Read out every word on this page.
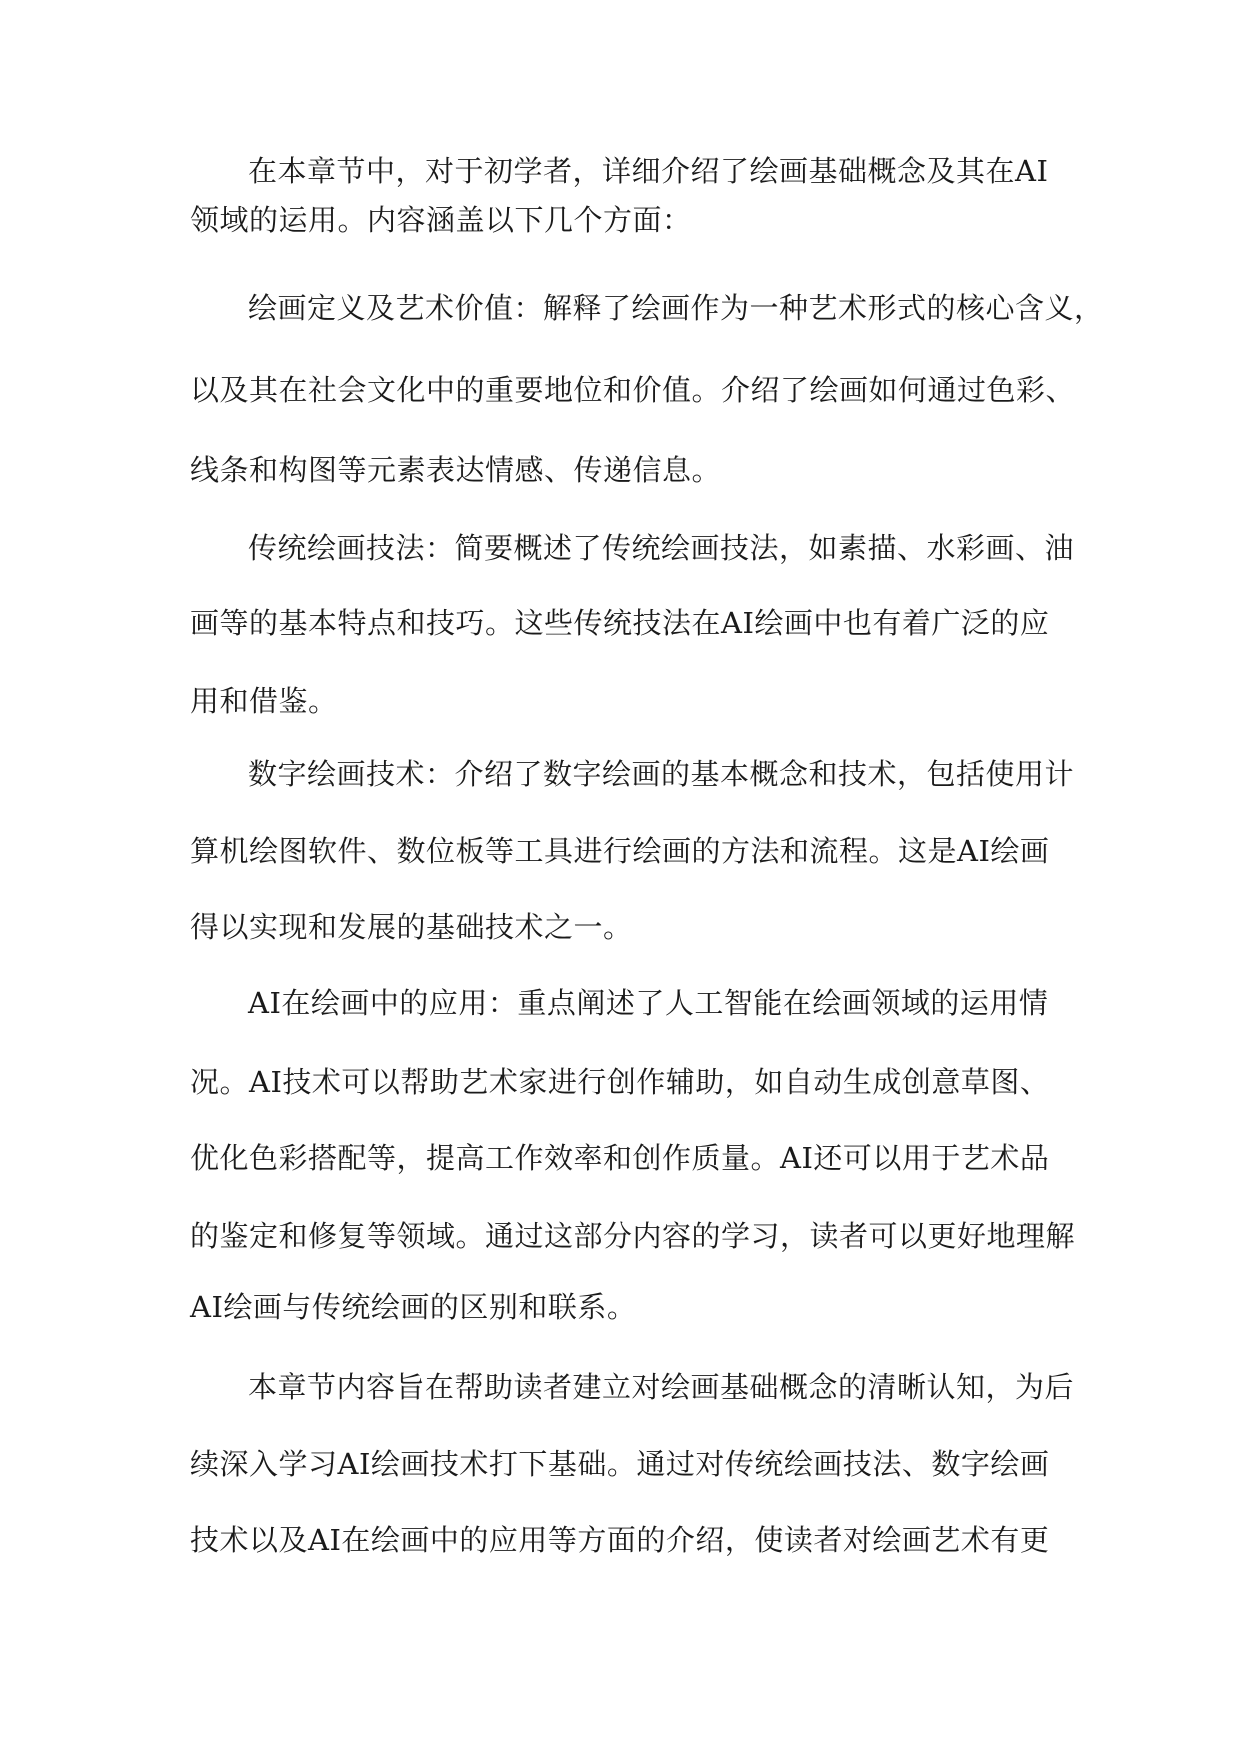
在本章节中，对于初学者，详细介绍了绘画基础概念及其在AI
领域的运用。内容涵盖以下几个方面：
绘画定义及艺术价值：解释了绘画作为一种艺术形式的核心含义，
以及其在社会文化中的重要地位和价值。介绍了绘画如何通过色彩、
线条和构图等元素表达情感、传递信息。
传统绘画技法：简要概述了传统绘画技法，如素描、水彩画、油
画等的基本特点和技巧。这些传统技法在AI绘画中也有着广泛的应
用和借鉴。
数字绘画技术：介绍了数字绘画的基本概念和技术，包括使用计
算机绘图软件、数位板等工具进行绘画的方法和流程。这是AI绘画
得以实现和发展的基础技术之一。
AI在绘画中的应用：重点阐述了人工智能在绘画领域的运用情
况。AI技术可以帮助艺术家进行创作辅助，如自动生成创意草图、
优化色彩搭配等，提高工作效率和创作质量。AI还可以用于艺术品
的鉴定和修复等领域。通过这部分内容的学习，读者可以更好地理解
AI绘画与传统绘画的区别和联系。
本章节内容旨在帮助读者建立对绘画基础概念的清晰认知，为后
续深入学习AI绘画技术打下基础。通过对传统绘画技法、数字绘画
技术以及AI在绘画中的应用等方面的介绍，使读者对绘画艺术有更
